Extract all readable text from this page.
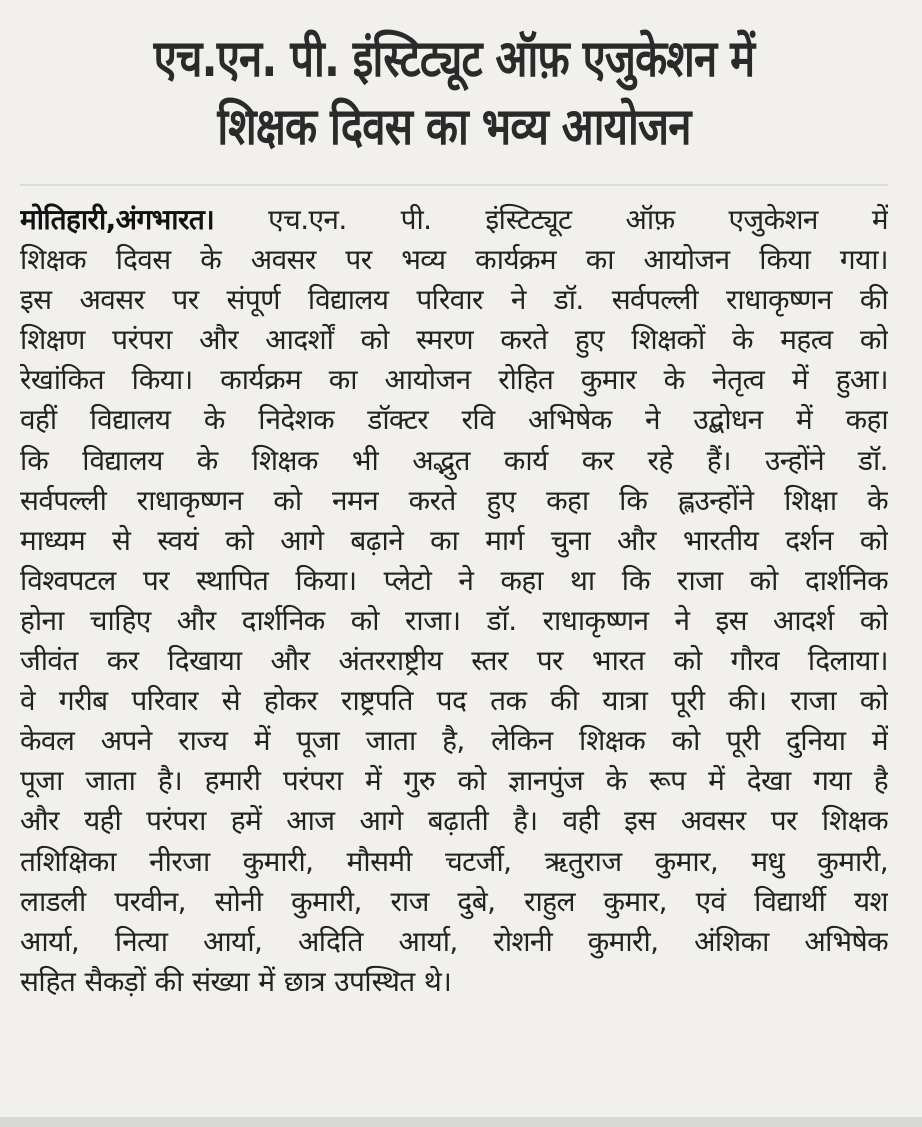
एच.एन. पी. इंस्टिट्यूट ऑफ़ एजुकेशन में
शिक्षक दिवस का भव्य आयोजन
मोतिहारी,अंगभारत। एच.एन. पी. इंस्टिट्यूट ऑफ़ एजुकेशन में
शिक्षक दिवस के अवसर पर भव्य कार्यक्रम का आयोजन किया गया।
इस अवसर पर संपूर्ण विद्यालय परिवार ने डॉ. सर्वपल्ली राधाकृष्णन की
शिक्षण परंपरा और आदर्शों को स्मरण करते हुए शिक्षकों के महत्व को
रेखांकित किया। कार्यक्रम का आयोजन रोहित कुमार के नेतृत्व में हुआ।
वहीं विद्यालय के निदेशक डॉक्टर रवि अभिषेक ने उद्बोधन में कहा
कि विद्यालय के शिक्षक भी अद्भुत कार्य कर रहे हैं। उन्होंने डॉ.
सर्वपल्ली राधाकृष्णन को नमन करते हुए कहा कि ह्लउन्होंने शिक्षा के
माध्यम से स्वयं को आगे बढ़ाने का मार्ग चुना और भारतीय दर्शन को
विश्वपटल पर स्थापित किया। प्लेटो ने कहा था कि राजा को दार्शनिक
होना चाहिए और दार्शनिक को राजा। डॉ. राधाकृष्णन ने इस आदर्श को
जीवंत कर दिखाया और अंतरराष्ट्रीय स्तर पर भारत को गौरव दिलाया।
वे गरीब परिवार से होकर राष्ट्रपति पद तक की यात्रा पूरी की। राजा को
केवल अपने राज्य में पूजा जाता है, लेकिन शिक्षक को पूरी दुनिया में
पूजा जाता है। हमारी परंपरा में गुरु को ज्ञानपुंज के रूप में देखा गया है
और यही परंपरा हमें आज आगे बढ़ाती है। वही इस अवसर पर शिक्षक
तशिक्षिका नीरजा कुमारी, मौसमी चटर्जी, ऋतुराज कुमार, मधु कुमारी,
लाडली परवीन, सोनी कुमारी, राज दुबे, राहुल कुमार, एवं विद्यार्थी यश
आर्या, नित्या आर्या, अदिति आर्या, रोशनी कुमारी, अंशिका अभिषेक
सहित सैकड़ों की संख्या में छात्र उपस्थित थे।
